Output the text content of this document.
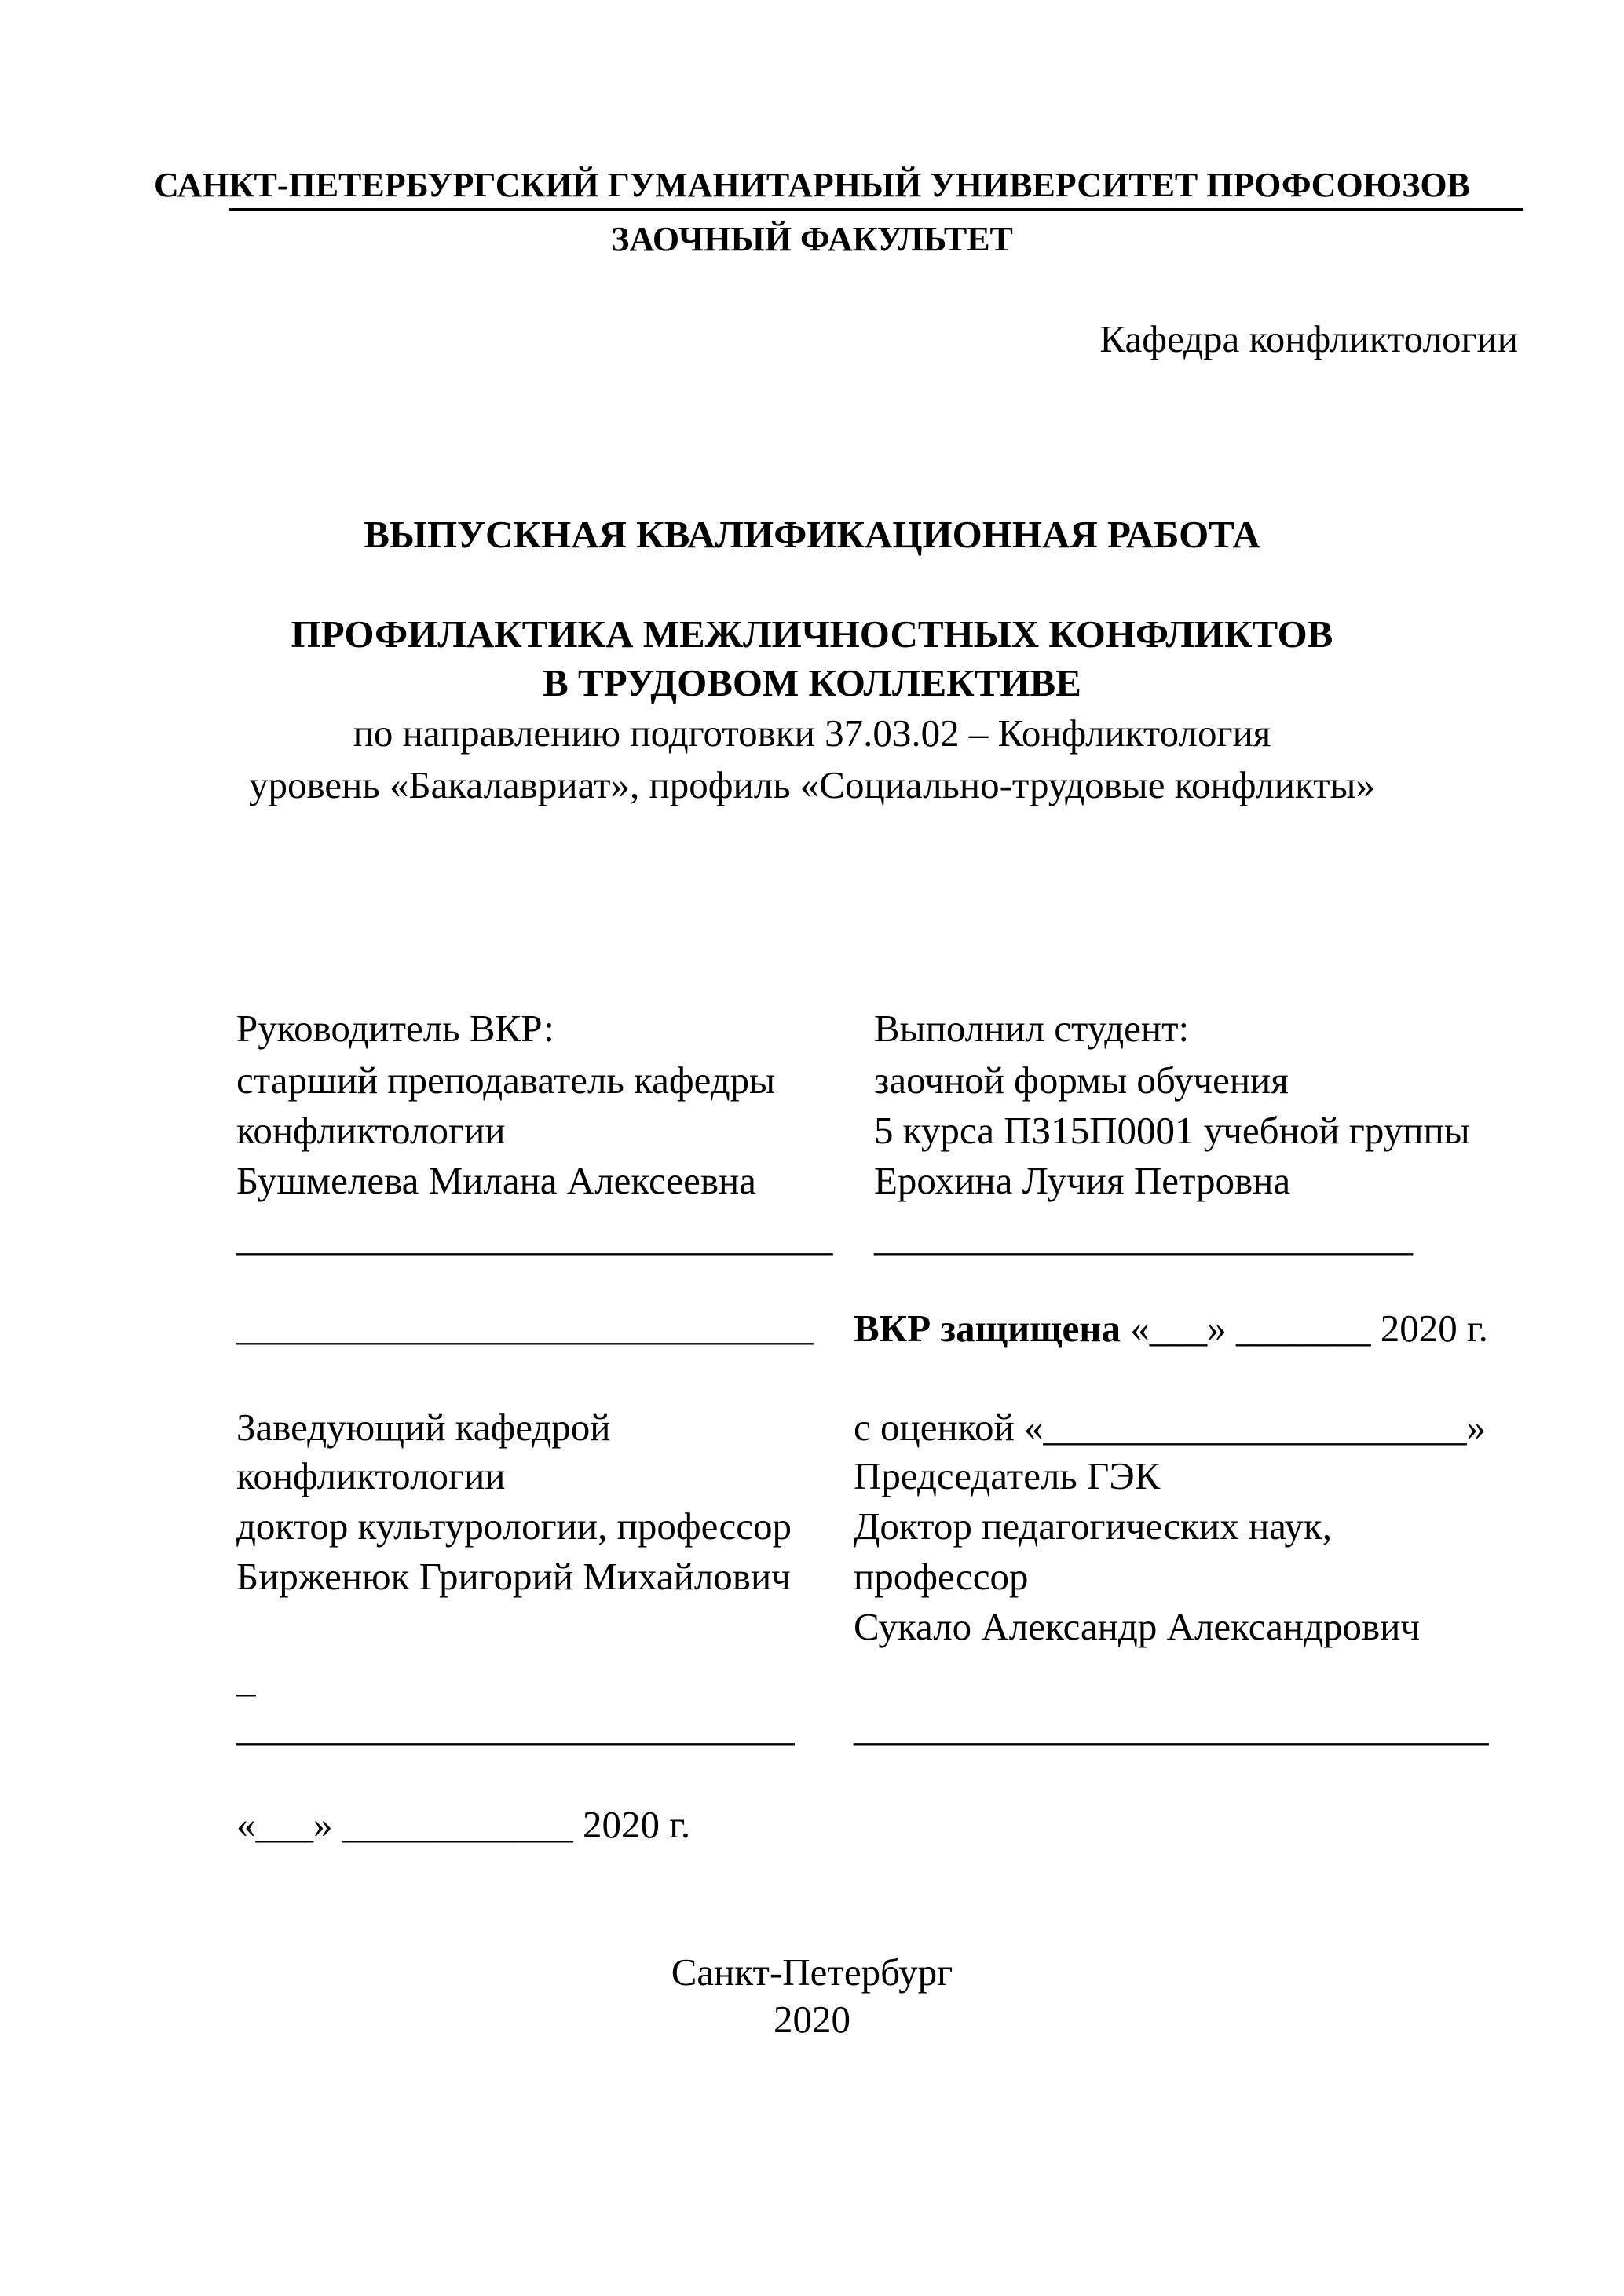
САНКТ-ПЕТЕРБУРГСКИЙ ГУМАНИТАРНЫЙ УНИВЕРСИТЕТ ПРОФСОЮЗОВ
ЗАОЧНЫЙ ФАКУЛЬТЕТ
Кафедра конфликтологии
ВЫПУСКНАЯ КВАЛИФИКАЦИОННАЯ РАБОТА
ПРОФИЛАКТИКА МЕЖЛИЧНОСТНЫХ КОНФЛИКТОВ
В ТРУДОВОМ КОЛЛЕКТИВЕ
по направлению подготовки 37.03.02 – Конфликтология
уровень «Бакалавриат», профиль «Социально-трудовые конфликты»
Руководитель ВКР:
старший преподаватель кафедры
конфликтологии
Бушмелева Милана Алексеевна
_______________________________
Выполнил студент:
заочной формы обучения
5 курса ПЗ15П0001 учебной группы
Ерохина Лучия Петровна
____________________________
______________________________ ВКР защищена «___» _______ 2020 г.
Заведующий кафедрой
конфликтологии
доктор культурологии, профессор
Бирженюк Григорий Михайлович
_
_____________________________
«___» ____________ 2020 г.
с оценкой «______________________»
Председатель ГЭК
Доктор педагогических наук,
профессор
Сукало Александр Александрович
_________________________________
Санкт-Петербург
2020
